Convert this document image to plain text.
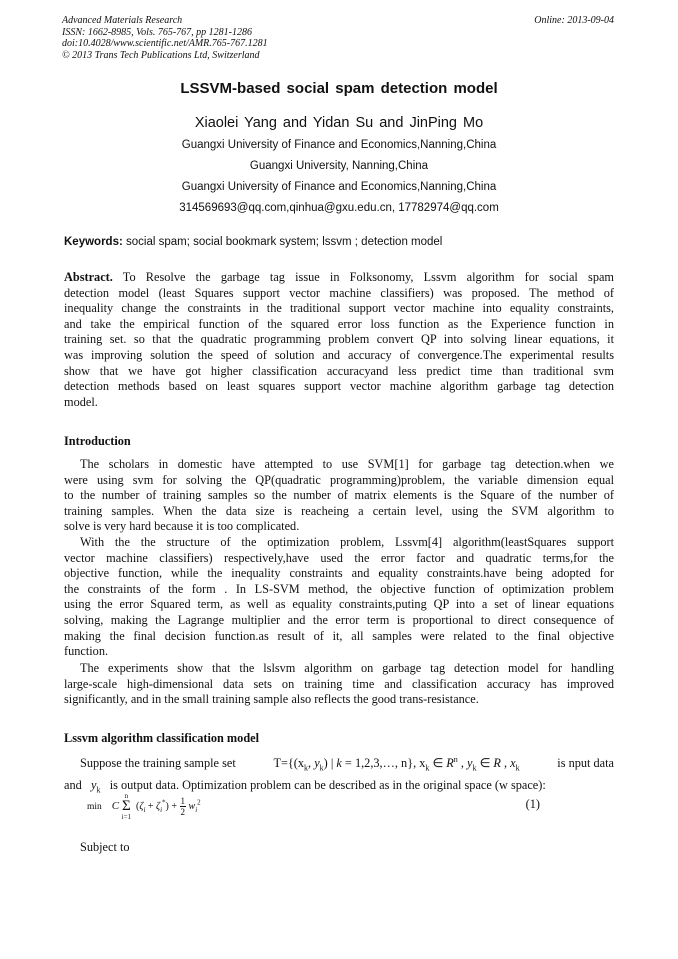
Advanced Materials Research
ISSN: 1662-8985, Vols. 765-767, pp 1281-1286
doi:10.4028/www.scientific.net/AMR.765-767.1281
© 2013 Trans Tech Publications Ltd, Switzerland
Online: 2013-09-04
LSSVM-based social spam detection model
Xiaolei Yang and Yidan Su and JinPing Mo
Guangxi University of Finance and Economics,Nanning,China
Guangxi University, Nanning,China
Guangxi University of Finance and Economics,Nanning,China
314569693@qq.com,qinhua@gxu.edu.cn, 17782974@qq.com
Keywords: social spam; social bookmark system; lssvm ; detection model
Abstract. To Resolve the garbage tag issue in Folksonomy, Lssvm algorithm for social spam
detection model (least Squares support vector machine classifiers) was proposed. The method of
inequality change the constraints in the traditional support vector machine into equality constraints,
and take the empirical function of the squared error loss function as the Experience function in
training set. so that the quadratic programming problem convert QP into solving linear equations, it
was improving solution the speed of solution and accuracy of convergence.The experimental results
show that we have got higher classification accuracyand less predict time than traditional svm
detection methods based on least squares support vector machine algorithm garbage tag detection
model.
Introduction
The scholars in domestic have attempted to use SVM[1] for garbage tag detection.when we
were using svm for solving the QP(quadratic programming)problem, the variable dimension equal
to the number of training samples so the number of matrix elements is the Square of the number of
training samples. When the data size is reacheing a certain level, using the SVM algorithm to
solve is very hard because it is too complicated.
With the the structure of the optimization problem, Lssvm[4] algorithm(leastSquares support
vector machine classifiers) respectively,have used the error factor and quadratic terms,for the
objective function, while the inequality constraints and equality constraints.have being adopted for
the constraints of the form . In LS-SVM method, the objective function of optimization problem
using the error Squared term, as well as equality constraints,puting QP into a set of linear equations
solving, making the Lagrange multiplier and the error term is proportional to direct consequence of
making the final decision function.as result of it, all samples were related to the final objective
function.
The experiments show that the lslsvm algorithm on garbage tag detection model for handling
large-scale high-dimensional data sets on training time and classification accuracy has improved
significantly, and in the small training sample also reflects the good trans-resistance.
Lssvm algorithm classification model
Suppose the training sample set	$T=\{(x_k$, $y_k$) | k = 1,2,3,…, n}, $x_k$ ∈ $R^n$ , $y_k$ ∈ R , $x_k$	is nput data
and $y_k$ is output data. Optimization problem can be described as in the original space (w space):
min C
n
Σ
i=1
$(\zeta_i + \zeta_i^*) + \frac{1}{2} w_i^2$	(1)
Subject to
